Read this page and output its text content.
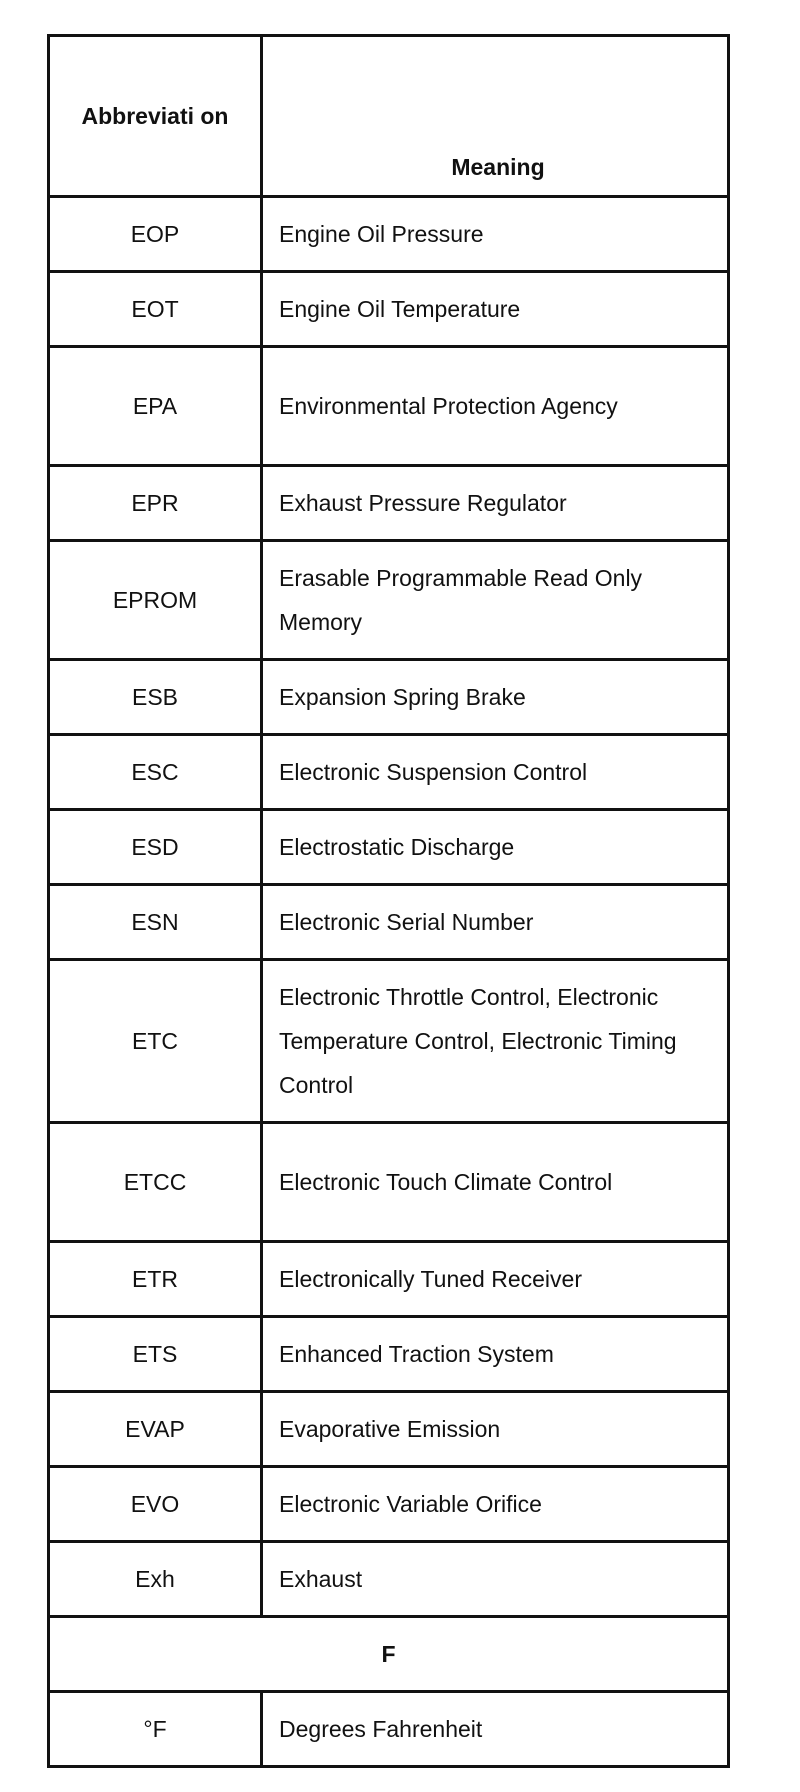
Abbreviati on	Meaning
EOP	Engine Oil Pressure
EOT	Engine Oil Temperature
EPA	Environmental Protection Agency
EPR	Exhaust Pressure Regulator
EPROM	Erasable Programmable Read Only Memory
ESB	Expansion Spring Brake
ESC	Electronic Suspension Control
ESD	Electrostatic Discharge
ESN	Electronic Serial Number
ETC	Electronic Throttle Control, Electronic Temperature Control, Electronic Timing Control
ETCC	Electronic Touch Climate Control
ETR	Electronically Tuned Receiver
ETS	Enhanced Traction System
EVAP	Evaporative Emission
EVO	Electronic Variable Orifice
Exh	Exhaust
F	
°F	Degrees Fahrenheit
